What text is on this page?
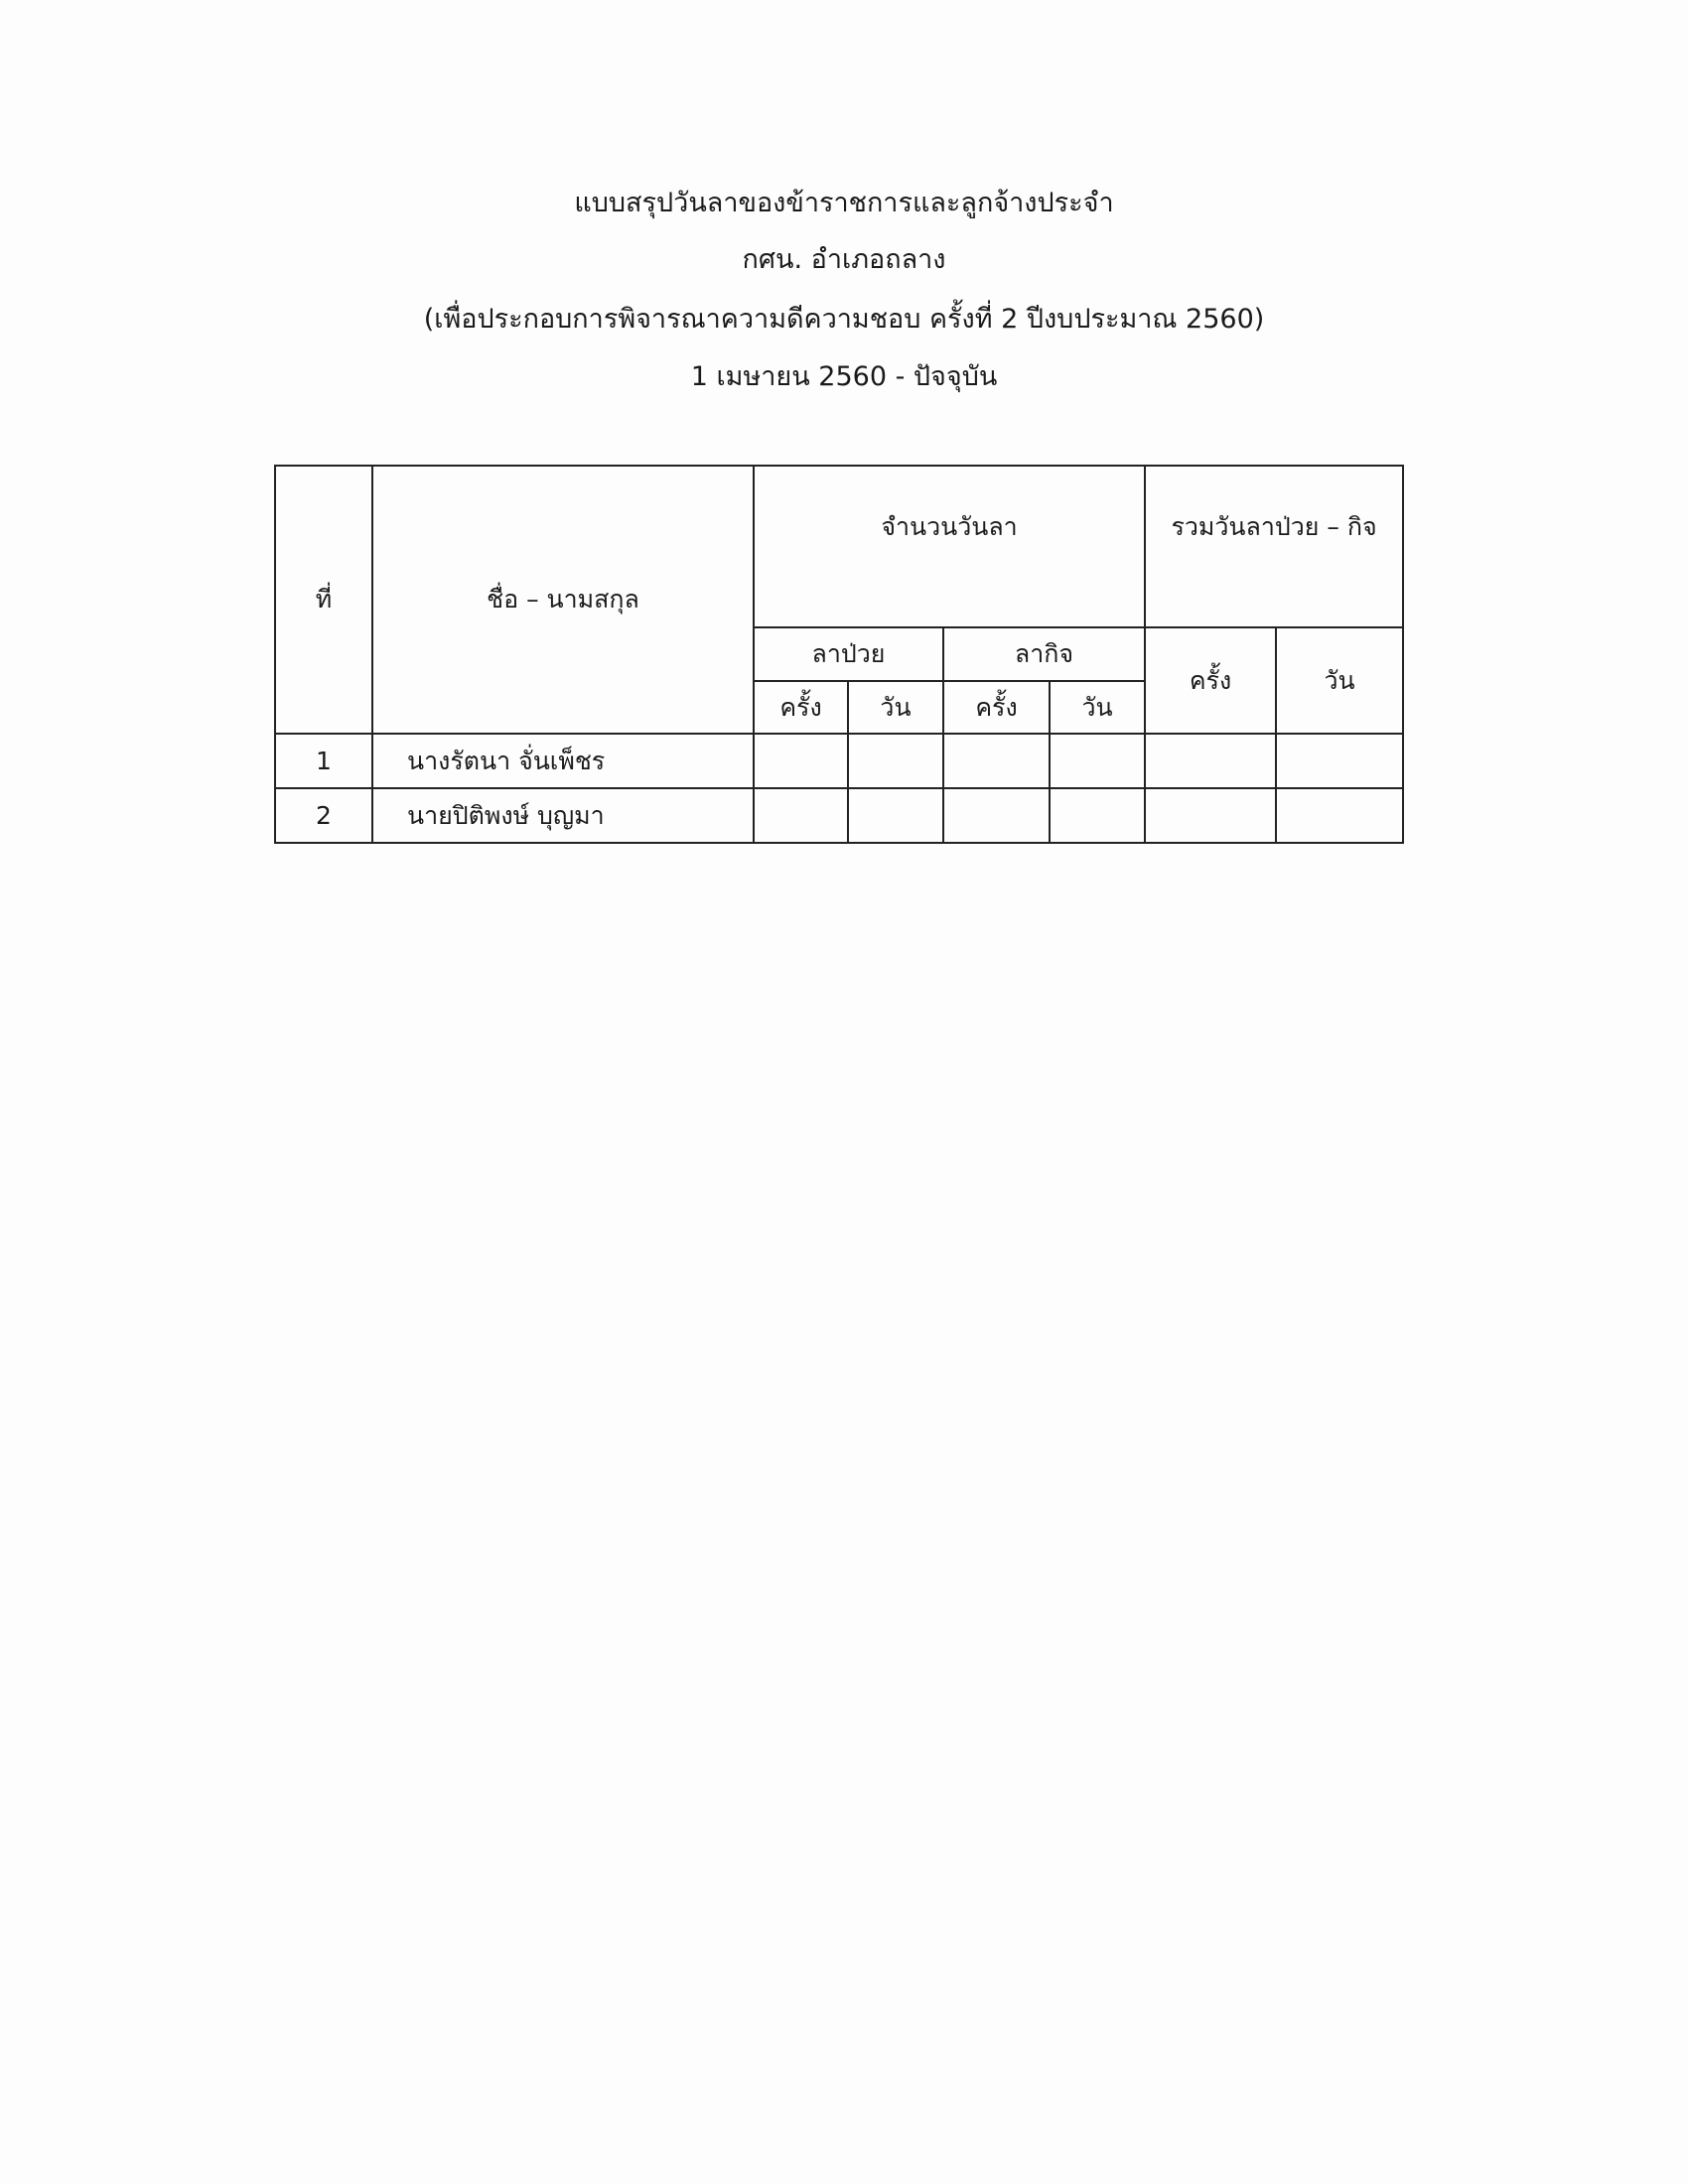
แบบสรุปวันลาของข้าราชการและลูกจ้างประจำ
กศน. อำเภอถลาง
(เพื่อประกอบการพิจารณาความดีความชอบ ครั้งที่ 2 ปีงบประมาณ 2560)
1 เมษายน 2560 - ปัจจุบัน
ที่	ชื่อ – นามสกุล	จำนวนวันลา				รวมวันลาป่วย – กิจ	
		ลาป่วย		ลากิจ		ครั้ง	วัน
		ครั้ง	วัน	ครั้ง	วัน		
1	นางรัตนา จั่นเพ็ชร						
2	นายปิติพงษ์ บุญมา						
